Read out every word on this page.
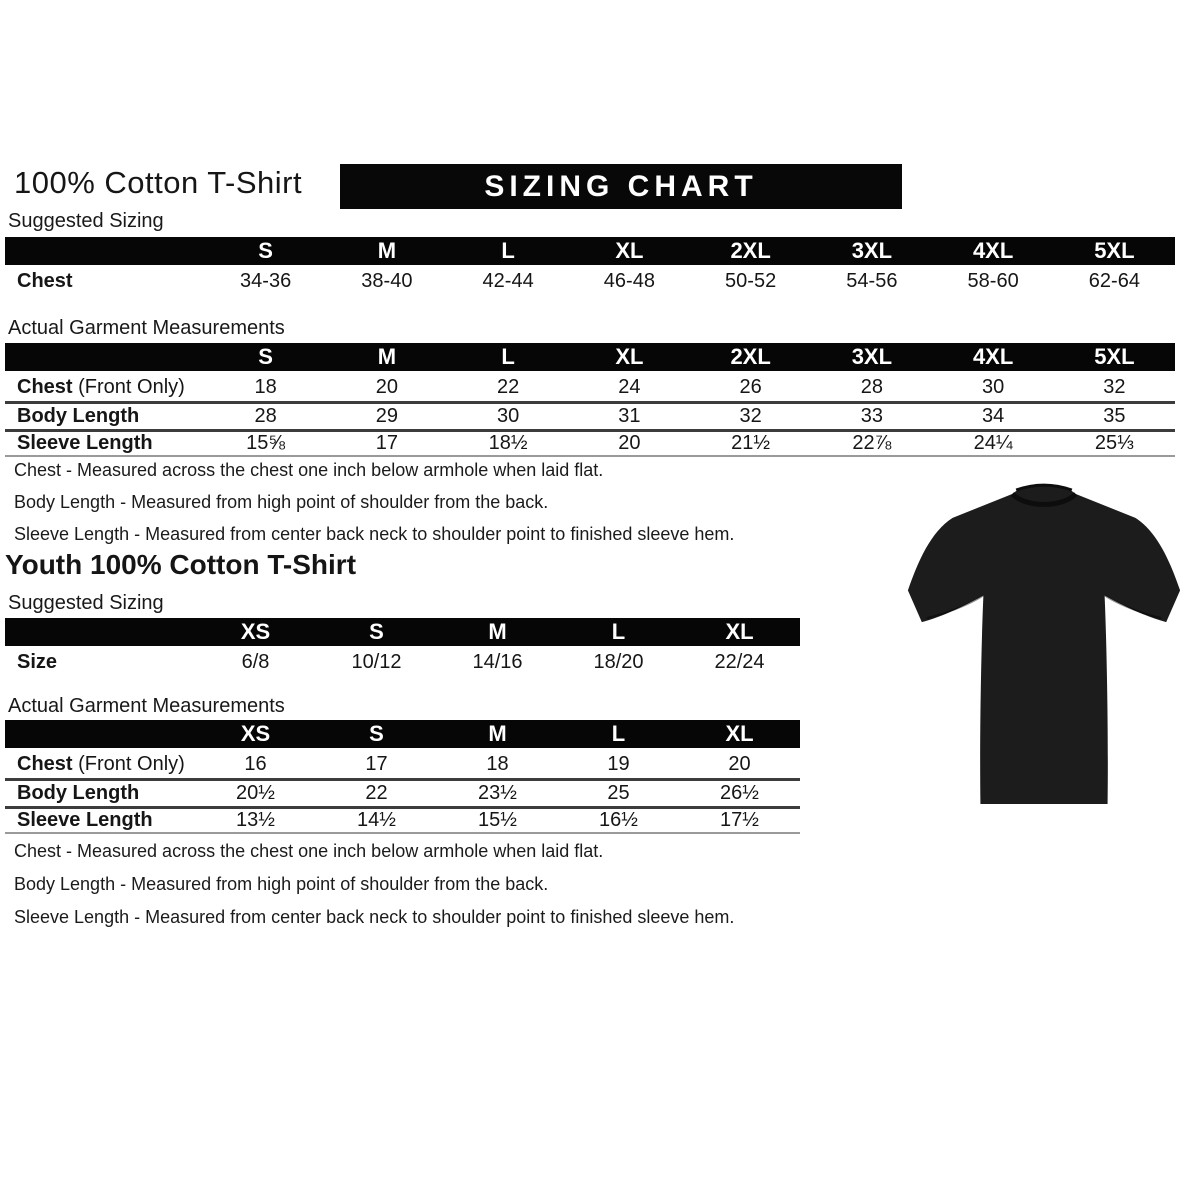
100% Cotton T-Shirt	SIZING CHART
Suggested Sizing
S	M	L	XL	2XL	3XL	4XL	5XL
Chest	34-36	38-40	42-44	46-48	50-52	54-56	58-60	62-64
Actual Garment Measurements
S	M	L	XL	2XL	3XL	4XL	5XL
Chest (Front Only)	18	20	22	24	26	28	30	32
Body Length	28	29	30	31	32	33	34	35
Sleeve Length	15⅝	17	18½	20	21½	22⅞	24¼	25⅓

Chest - Measured across the chest one inch below armhole when laid flat.

Body Length - Measured from high point of shoulder from the back.

Sleeve Length - Measured from center back neck to shoulder point to finished sleeve hem.

Youth 100% Cotton T-Shirt
Suggested Sizing
XS	S	M	L	XL
Size	6/8	10/12	14/16	18/20	22/24
Actual Garment Measurements
XS	S	M	L	XL
Chest (Front Only)	16	17	18	19	20
Body Length	20½	22	23½	25	26½
Sleeve Length	13½	14½	15½	16½	17½

Chest - Measured across the chest one inch below armhole when laid flat.

Body Length - Measured from high point of shoulder from the back.

Sleeve Length - Measured from center back neck to shoulder point to finished sleeve hem.
